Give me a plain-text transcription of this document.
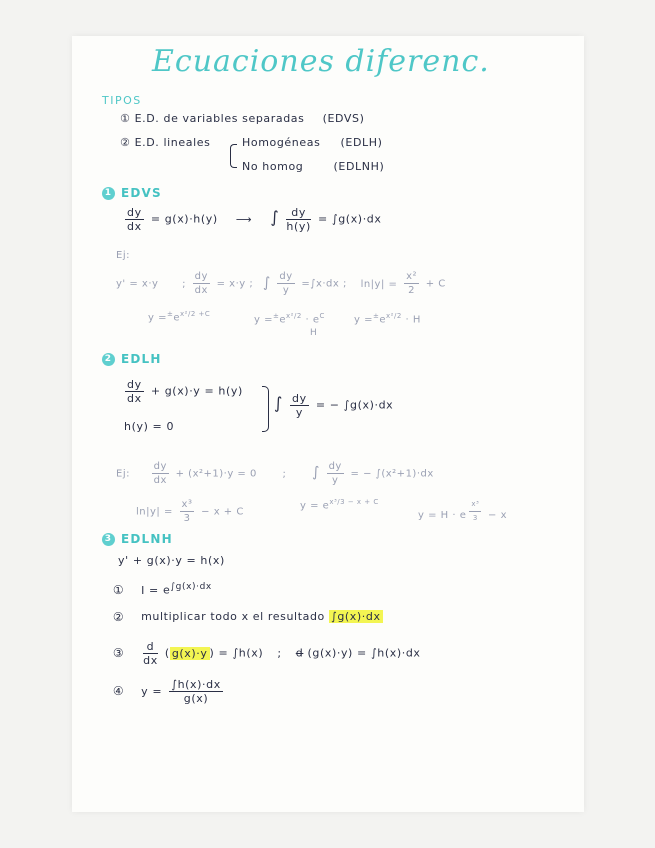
Ecuaciones diferenc.
TIPOS
① E.D. de variables separadas (EDVS)
② E.D. lineales	Homogéneas (EDLH)
No homog	(EDLNH)
1 EDVS
$\frac{dy}{dx} = g(x)\cdot h(y)$ ⟶ ∫ $\frac{dy}{h(y)} = \int g(x)\cdot dx$
Ej:
y' = x·y ; $\frac{dy}{dx} = x\cdot y$ ; ∫ $\frac{dy}{y} =\int x\cdot dx$ ; $\ln|y| = \frac{\text{x²}}{2} + C$
$y =^\pm e^{x^2/2 +C}$
$y =^\pm e^{x^2/2} \cdot e^C$
H
$y =^\pm e^{x^2/2} \cdot H$
2 EDLH
$\frac{dy}{dx} + g(x)\cdot y = h(y)$
h(y) = 0
∫ $\frac{dy}{y}$ = − ∫g(x)·dx
Ej: $\frac{dy}{dx} + (x^2+1)\cdot y = 0$	; ∫ $\frac{dy}{y}$ = − ∫(x²+1)·dx
$\ln|y| = \frac{\text{x³}}{3} - x + C$
$y = e^{x^3/3 - x + C}$
y = H · e $^{\frac{\text{x³}}{3}}$ − x
3 EDLNH
y' + g(x)·y = h(x)
① $I = e^{\int g(x)\cdot dx}$
② multiplicar todo x el resultado ∫g(x)·dx
③ $\frac{d}{dx}$ ( g(x)·y ) = ∫h(x) ; d (g(x)·y) = ∫h(x)·dx
④ $y = \frac{\int h(x)\cdot dx}{g(x)}$
